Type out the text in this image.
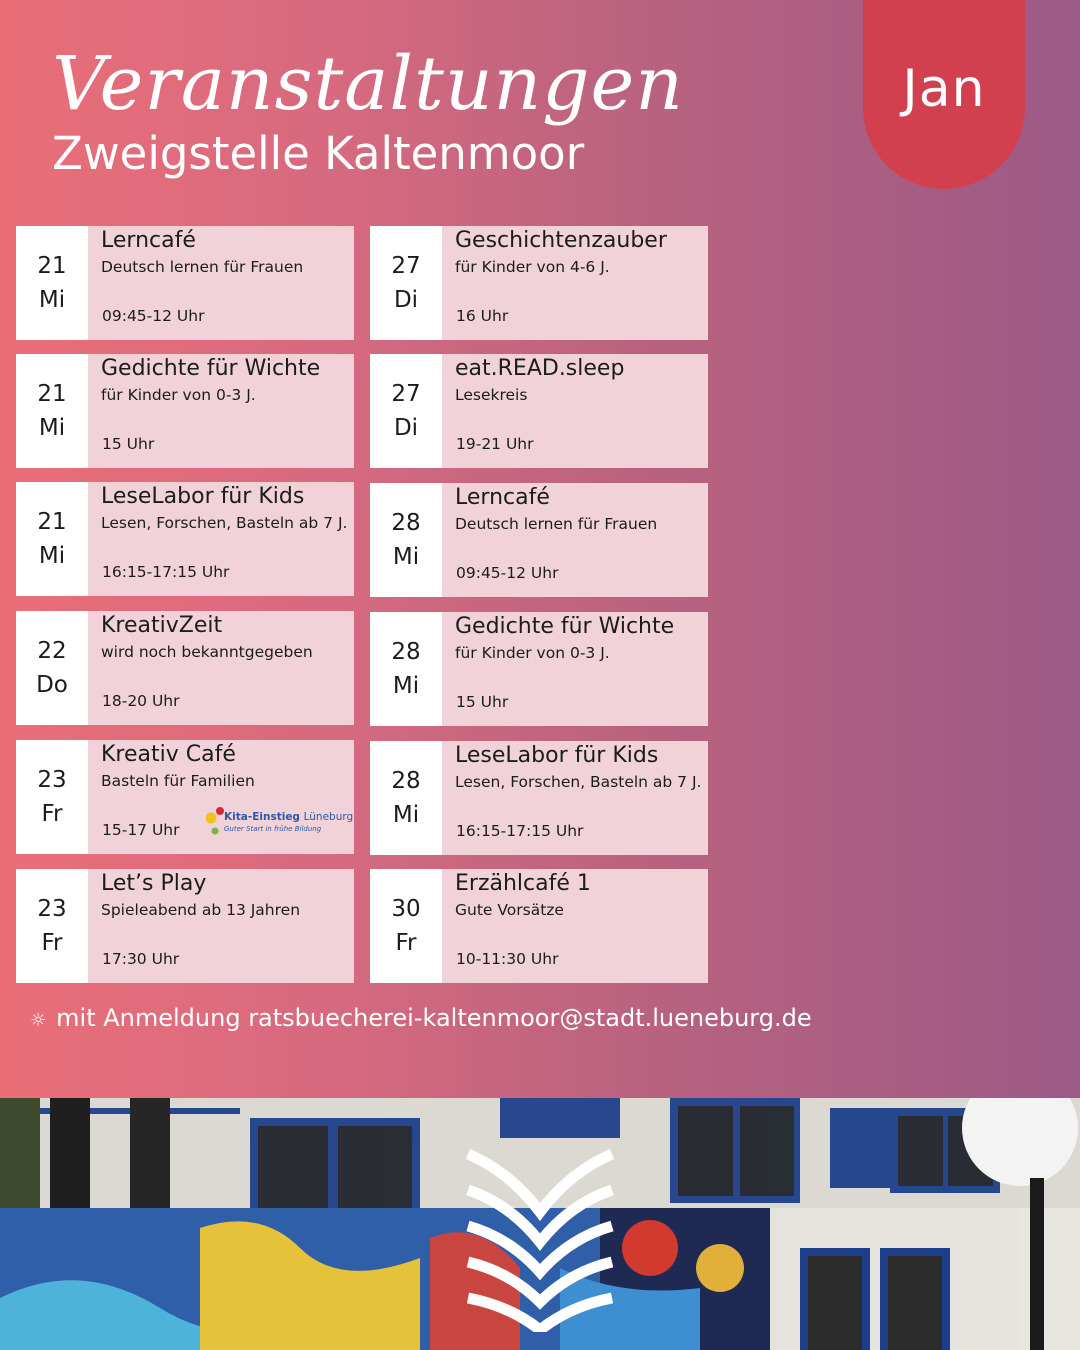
Veranstaltungen
Zweigstelle Kaltenmoor
Jan
21
Mi
Lerncafé
Deutsch lernen für Frauen
09:45-12 Uhr
21
Mi
Gedichte für Wichte
für Kinder von 0-3 J.
15 Uhr
21
Mi
LeseLabor für Kids
Lesen, Forschen, Basteln ab 7 J.
16:15-17:15 Uhr
22
Do
KreativZeit
wird noch bekanntgegeben
18-20 Uhr
23
Fr
Kreativ Café
Basteln für Familien
15-17 Uhr
Kita-Einstieg Lüneburg
Guter Start in frühe Bildung
23
Fr
Let’s Play
Spieleabend ab 13 Jahren
17:30 Uhr
27
Di
Geschichtenzauber
für Kinder von 4-6 J.
16 Uhr
27
Di
eat.READ.sleep
Lesekreis
19-21 Uhr
28
Mi
Lerncafé
Deutsch lernen für Frauen
09:45-12 Uhr
28
Mi
Gedichte für Wichte
für Kinder von 0-3 J.
15 Uhr
28
Mi
LeseLabor für Kids
Lesen, Forschen, Basteln ab 7 J.
16:15-17:15 Uhr
30
Fr
Erzählcafé 1
Gute Vorsätze
10-11:30 Uhr
☼ mit Anmeldung ratsbuecherei-kaltenmoor@stadt.lueneburg.de
